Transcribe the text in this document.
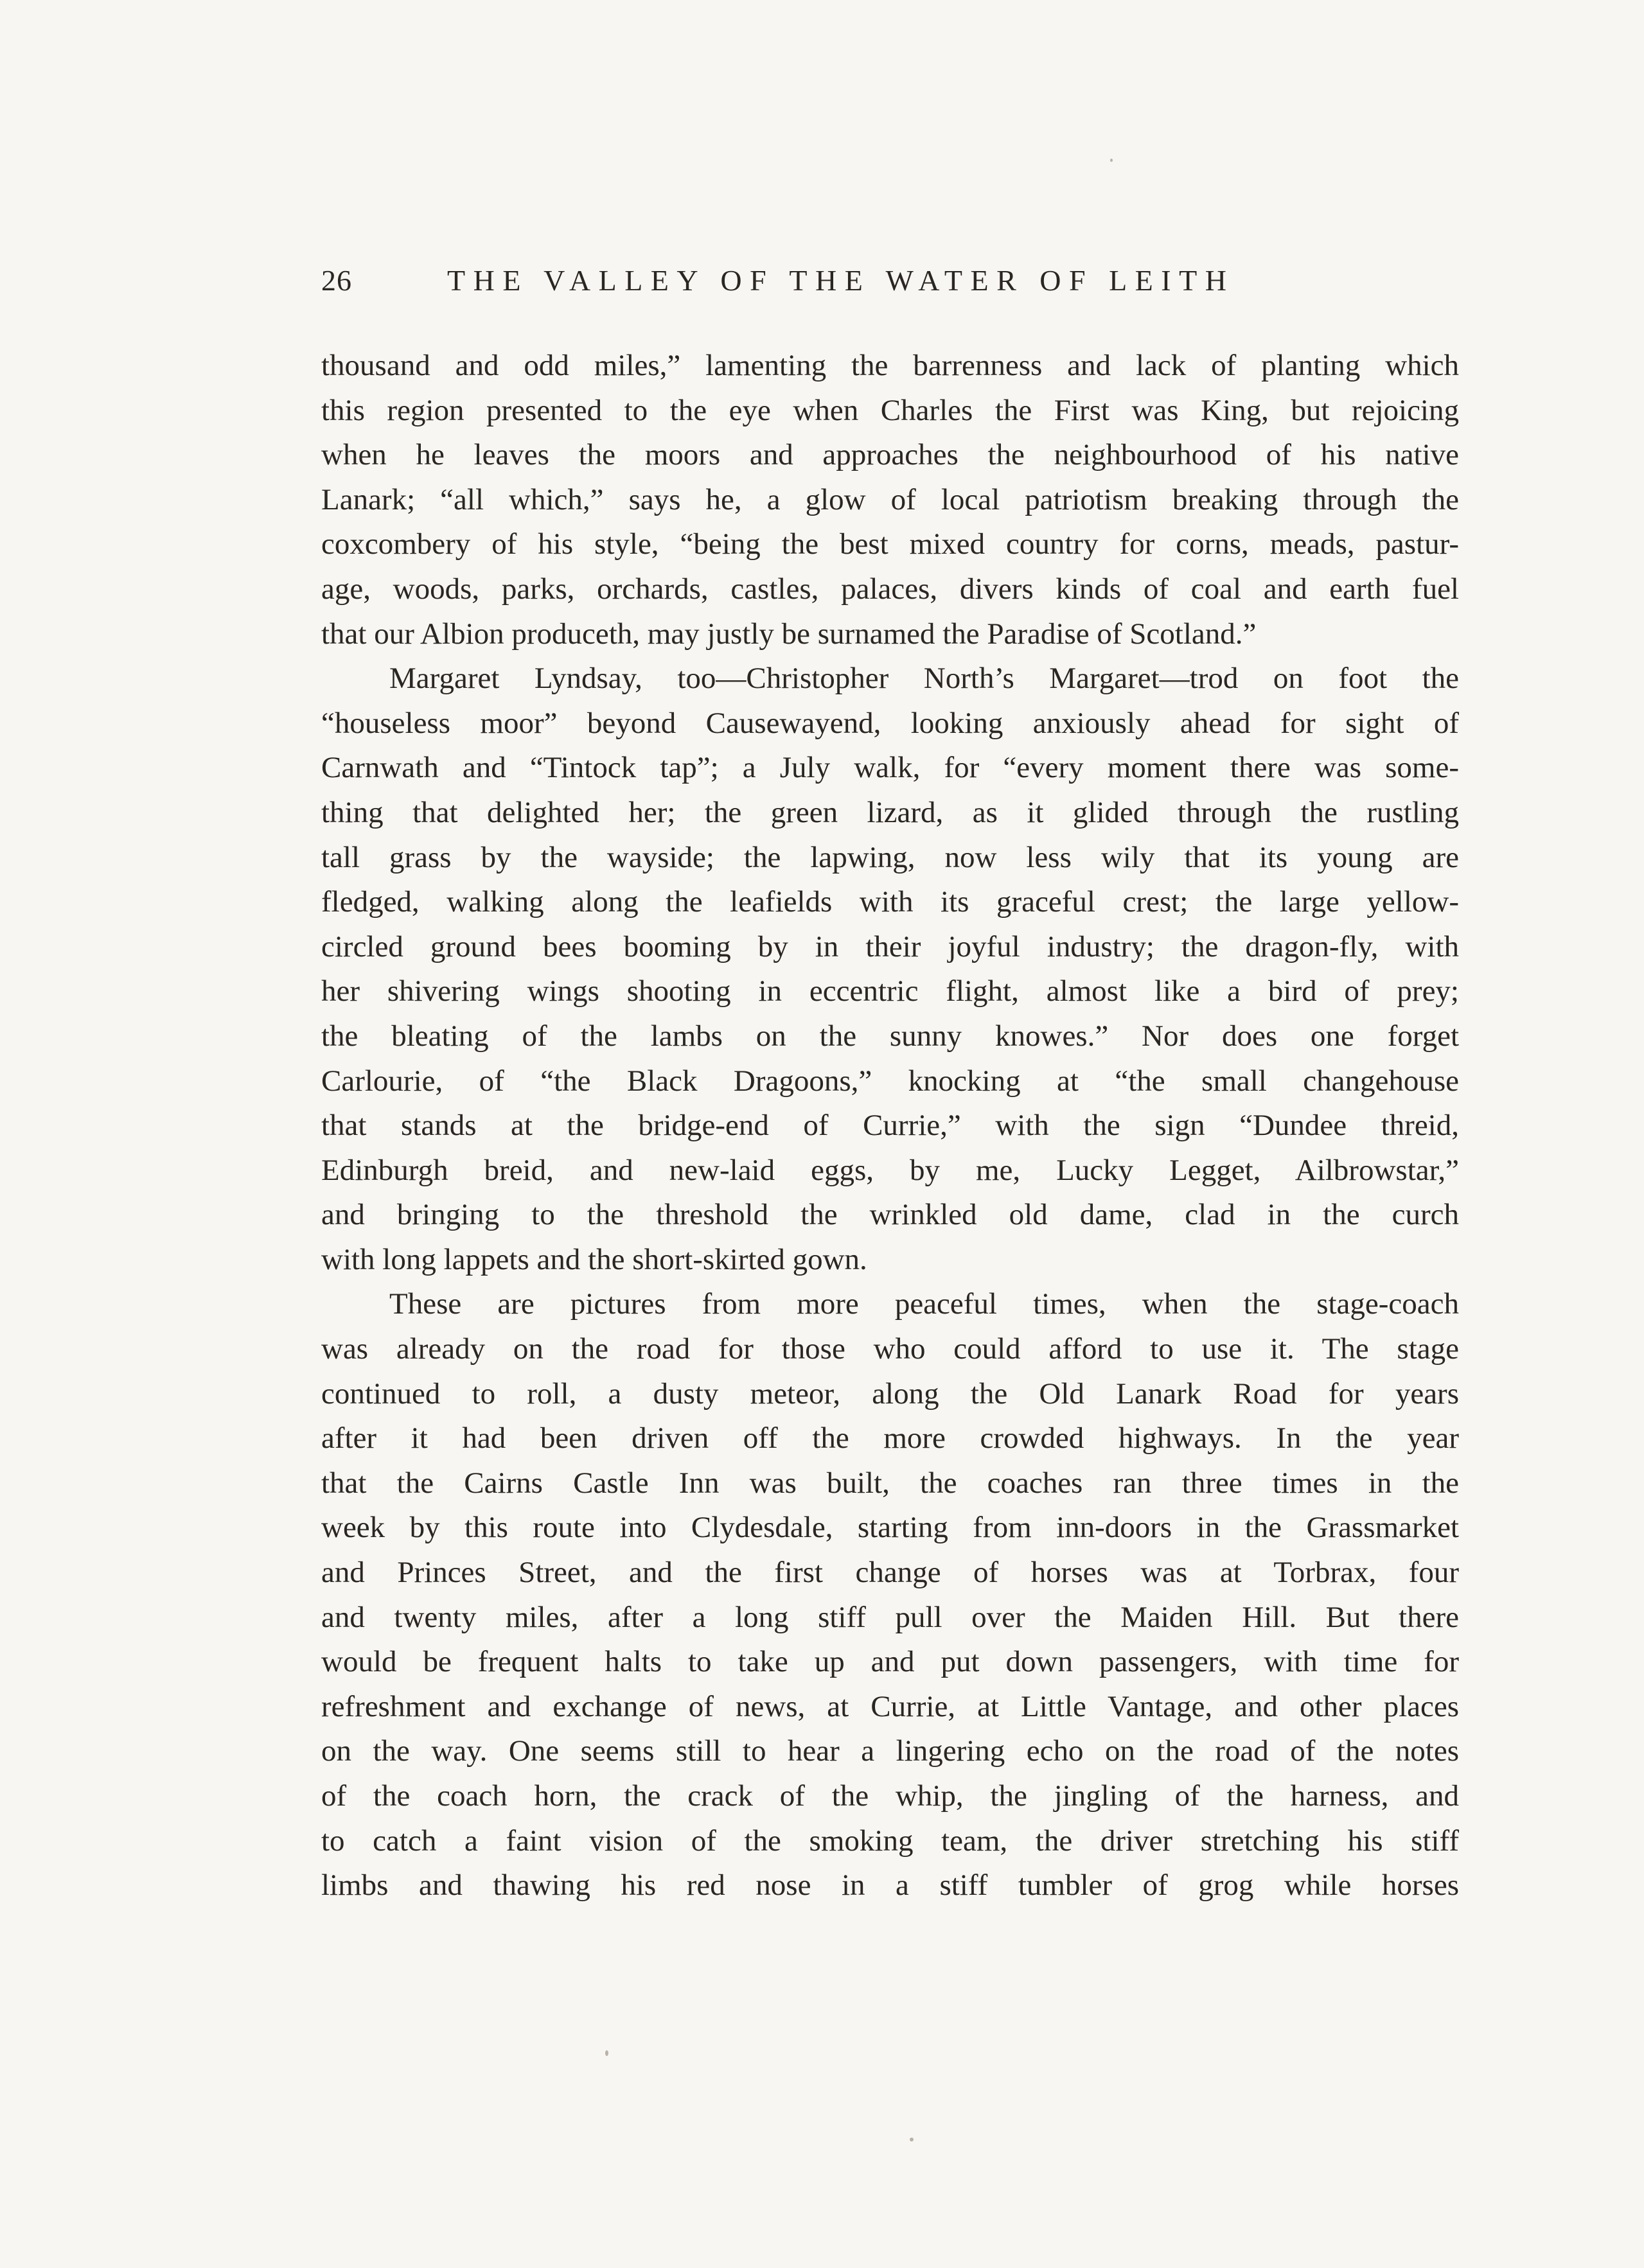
26	THE VALLEY OF THE WATER OF LEITH
thousand and odd miles,” lamenting the barrenness and lack of planting which
this region presented to the eye when Charles the First was King, but rejoicing
when he leaves the moors and approaches the neighbourhood of his native
Lanark; “all which,” says he, a glow of local patriotism breaking through the
coxcombery of his style, “being the best mixed country for corns, meads, pastur-
age, woods, parks, orchards, castles, palaces, divers kinds of coal and earth fuel
that our Albion produceth, may justly be surnamed the Paradise of Scotland.”
Margaret Lyndsay, too—Christopher North’s Margaret—trod on foot the
“houseless moor” beyond Causewayend, looking anxiously ahead for sight of
Carnwath and “Tintock tap”; a July walk, for “every moment there was some-
thing that delighted her; the green lizard, as it glided through the rustling
tall grass by the wayside; the lapwing, now less wily that its young are
fledged, walking along the leafields with its graceful crest; the large yellow-
circled ground bees booming by in their joyful industry; the dragon-fly, with
her shivering wings shooting in eccentric flight, almost like a bird of prey;
the bleating of the lambs on the sunny knowes.” Nor does one forget
Carlourie, of “the Black Dragoons,” knocking at “the small changehouse
that stands at the bridge-end of Currie,” with the sign “Dundee threid,
Edinburgh breid, and new-laid eggs, by me, Lucky Legget, Ailbrowstar,”
and bringing to the threshold the wrinkled old dame, clad in the curch
with long lappets and the short-skirted gown.
These are pictures from more peaceful times, when the stage-coach
was already on the road for those who could afford to use it. The stage
continued to roll, a dusty meteor, along the Old Lanark Road for years
after it had been driven off the more crowded highways. In the year
that the Cairns Castle Inn was built, the coaches ran three times in the
week by this route into Clydesdale, starting from inn-doors in the Grassmarket
and Princes Street, and the first change of horses was at Torbrax, four
and twenty miles, after a long stiff pull over the Maiden Hill. But there
would be frequent halts to take up and put down passengers, with time for
refreshment and exchange of news, at Currie, at Little Vantage, and other places
on the way. One seems still to hear a lingering echo on the road of the notes
of the coach horn, the crack of the whip, the jingling of the harness, and
to catch a faint vision of the smoking team, the driver stretching his stiff
limbs and thawing his red nose in a stiff tumbler of grog while horses
